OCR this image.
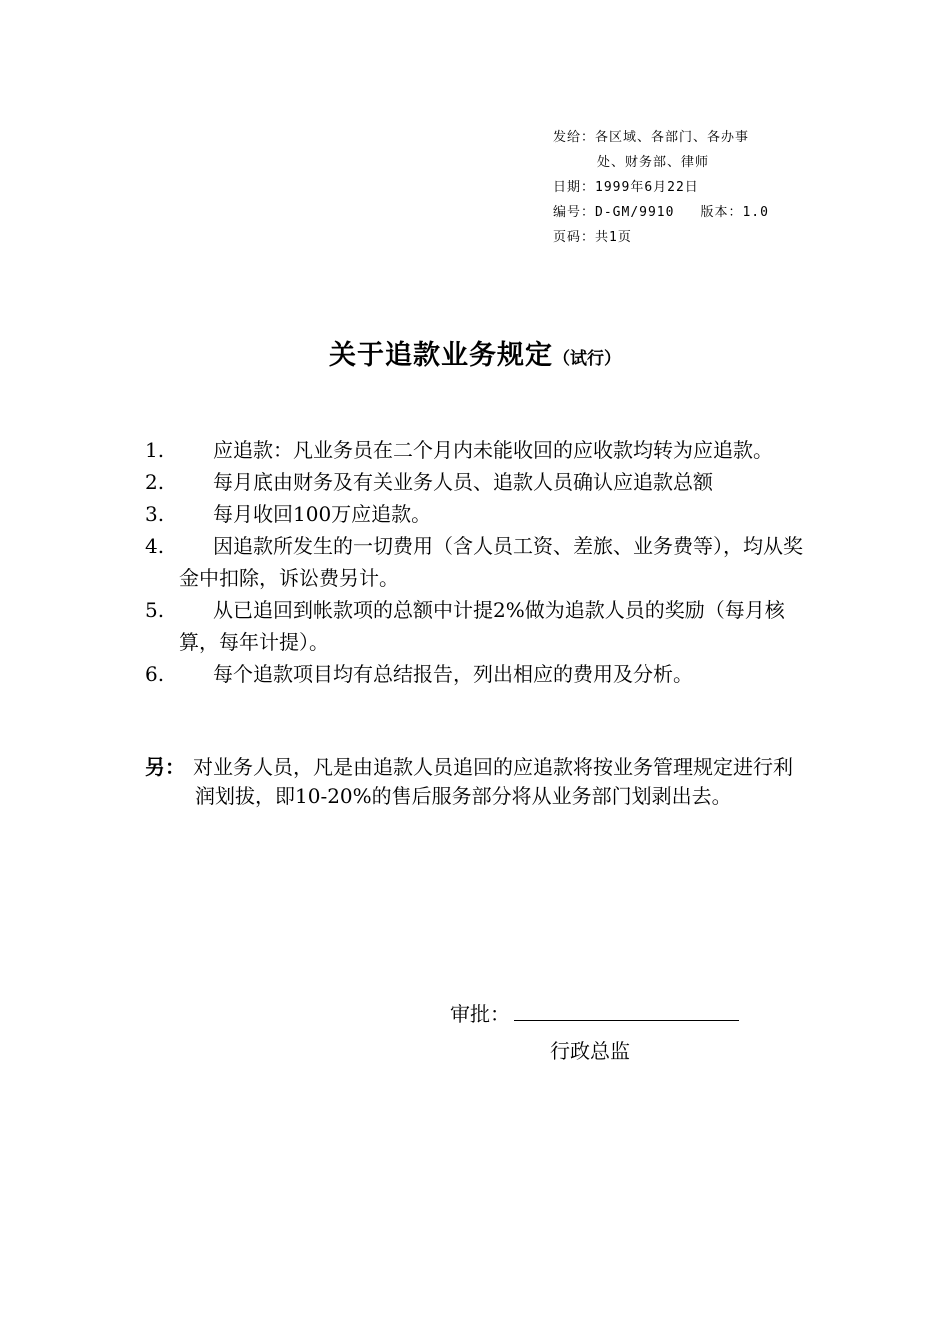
发给：各区域、各部门、各办事
处、财务部、律师
日期：1999年6月22日
编号：D-GM/9910 版本：1.0
页码：共1页
关于追款业务规定（试行）
1.	应追款：凡业务员在二个月内未能收回的应收款均转为应追款。
2.	每月底由财务及有关业务人员、追款人员确认应追款总额
3.	每月收回100万应追款。
4.	因追款所发生的一切费用（含人员工资、差旅、业务费等），均从奖金中扣除，诉讼费另计。
5.	从已追回到帐款项的总额中计提2%做为追款人员的奖励（每月核算，每年计提）。
6.	每个追款项目均有总结报告，列出相应的费用及分析。
另： 对业务人员，凡是由追款人员追回的应追款将按业务管理规定进行利润划拔，即10-20%的售后服务部分将从业务部门划剥出去。
审批：
行政总监
